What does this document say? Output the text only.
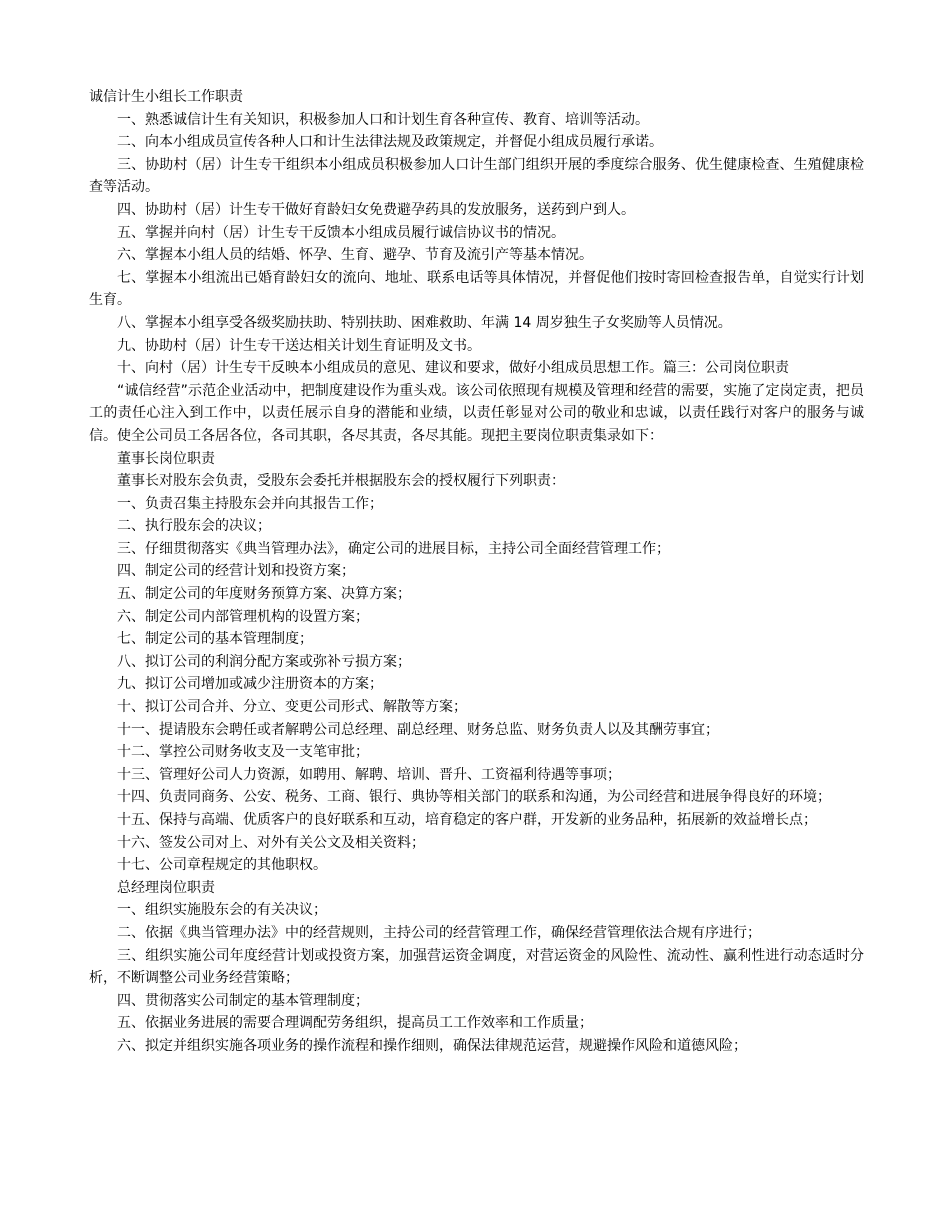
诚信计生小组长工作职责

一、熟悉诚信计生有关知识，积极参加人口和计划生育各种宣传、教育、培训等活动。

二、向本小组成员宣传各种人口和计生法律法规及政策规定，并督促小组成员履行承诺。

三、协助村（居）计生专干组织本小组成员积极参加人口计生部门组织开展的季度综合服务、优生健康检查、生殖健康检查等活动。

四、协助村（居）计生专干做好育龄妇女免费避孕药具的发放服务，送药到户到人。

五、掌握并向村（居）计生专干反馈本小组成员履行诚信协议书的情况。

六、掌握本小组人员的结婚、怀孕、生育、避孕、节育及流引产等基本情况。

七、掌握本小组流出已婚育龄妇女的流向、地址、联系电话等具体情况，并督促他们按时寄回检查报告单，自觉实行计划生育。

八、掌握本小组享受各级奖励扶助、特别扶助、困难救助、年满 14 周岁独生子女奖励等人员情况。

九、协助村（居）计生专干送达相关计划生育证明及文书。

十、向村（居）计生专干反映本小组成员的意见、建议和要求，做好小组成员思想工作。篇三：公司岗位职责

“诚信经营”示范企业活动中，把制度建设作为重头戏。该公司依照现有规模及管理和经营的需要，实施了定岗定责，把员工的责任心注入到工作中，以责任展示自身的潜能和业绩，以责任彰显对公司的敬业和忠诚，以责任践行对客户的服务与诚信。使全公司员工各居各位，各司其职，各尽其责，各尽其能。现把主要岗位职责集录如下：

董事长岗位职责

董事长对股东会负责，受股东会委托并根据股东会的授权履行下列职责：

一、负责召集主持股东会并向其报告工作；

二、执行股东会的决议；

三、仔细贯彻落实《典当管理办法》，确定公司的进展目标，主持公司全面经营管理工作；

四、制定公司的经营计划和投资方案；

五、制定公司的年度财务预算方案、决算方案；

六、制定公司内部管理机构的设置方案；

七、制定公司的基本管理制度；

八、拟订公司的利润分配方案或弥补亏损方案；

九、拟订公司增加或减少注册资本的方案；

十、拟订公司合并、分立、变更公司形式、解散等方案；

十一、提请股东会聘任或者解聘公司总经理、副总经理、财务总监、财务负责人以及其酬劳事宜；

十二、掌控公司财务收支及一支笔审批；

十三、管理好公司人力资源，如聘用、解聘、培训、晋升、工资福利待遇等事项；

十四、负责同商务、公安、税务、工商、银行、典协等相关部门的联系和沟通，为公司经营和进展争得良好的环境；

十五、保持与高端、优质客户的良好联系和互动，培育稳定的客户群，开发新的业务品种，拓展新的效益增长点；

十六、签发公司对上、对外有关公文及相关资料；

十七、公司章程规定的其他职权。

总经理岗位职责

一、组织实施股东会的有关决议；

二、依据《典当管理办法》中的经营规则，主持公司的经营管理工作，确保经营管理依法合规有序进行；

三、组织实施公司年度经营计划或投资方案，加强营运资金调度，对营运资金的风险性、流动性、赢利性进行动态适时分析，不断调整公司业务经营策略；

四、贯彻落实公司制定的基本管理制度；

五、依据业务进展的需要合理调配劳务组织，提高员工工作效率和工作质量；

六、拟定并组织实施各项业务的操作流程和操作细则，确保法律规范运营，规避操作风险和道德风险；
